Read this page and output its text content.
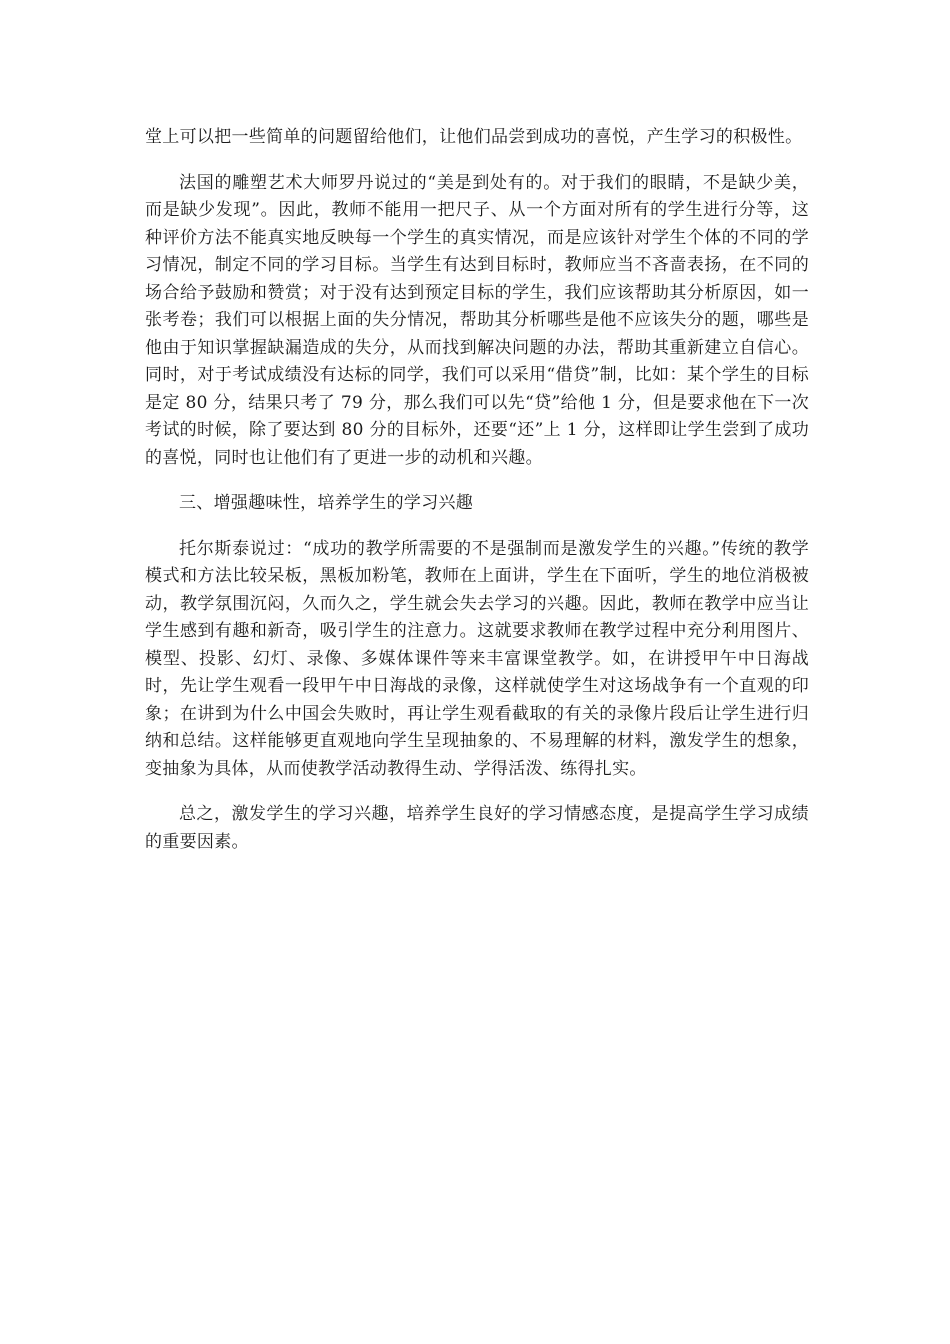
堂上可以把一些简单的问题留给他们，让他们品尝到成功的喜悦，产生学习的积极性。

法国的雕塑艺术大师罗丹说过的“美是到处有的。对于我们的眼睛，不是缺少美，而是缺少发现”。因此，教师不能用一把尺子、从一个方面对所有的学生进行分等，这种评价方法不能真实地反映每一个学生的真实情况，而是应该针对学生个体的不同的学习情况，制定不同的学习目标。当学生有达到目标时，教师应当不吝啬表扬，在不同的场合给予鼓励和赞赏；对于没有达到预定目标的学生，我们应该帮助其分析原因，如一张考卷；我们可以根据上面的失分情况，帮助其分析哪些是他不应该失分的题，哪些是他由于知识掌握缺漏造成的失分，从而找到解决问题的办法，帮助其重新建立自信心。同时，对于考试成绩没有达标的同学，我们可以采用“借贷”制，比如：某个学生的目标是定 80 分，结果只考了 79 分，那么我们可以先“贷”给他 1 分，但是要求他在下一次考试的时候，除了要达到 80 分的目标外，还要“还”上 1 分，这样即让学生尝到了成功的喜悦，同时也让他们有了更进一步的动机和兴趣。

三、增强趣味性，培养学生的学习兴趣

托尔斯泰说过：“成功的教学所需要的不是强制而是激发学生的兴趣。”传统的教学模式和方法比较呆板，黑板加粉笔，教师在上面讲，学生在下面听，学生的地位消极被动，教学氛围沉闷，久而久之，学生就会失去学习的兴趣。因此，教师在教学中应当让学生感到有趣和新奇，吸引学生的注意力。这就要求教师在教学过程中充分利用图片、模型、投影、幻灯、录像、多媒体课件等来丰富课堂教学。如，在讲授甲午中日海战时，先让学生观看一段甲午中日海战的录像，这样就使学生对这场战争有一个直观的印象；在讲到为什么中国会失败时，再让学生观看截取的有关的录像片段后让学生进行归纳和总结。这样能够更直观地向学生呈现抽象的、不易理解的材料，激发学生的想象，变抽象为具体，从而使教学活动教得生动、学得活泼、练得扎实。

总之，激发学生的学习兴趣，培养学生良好的学习情感态度，是提高学生学习成绩的重要因素。
